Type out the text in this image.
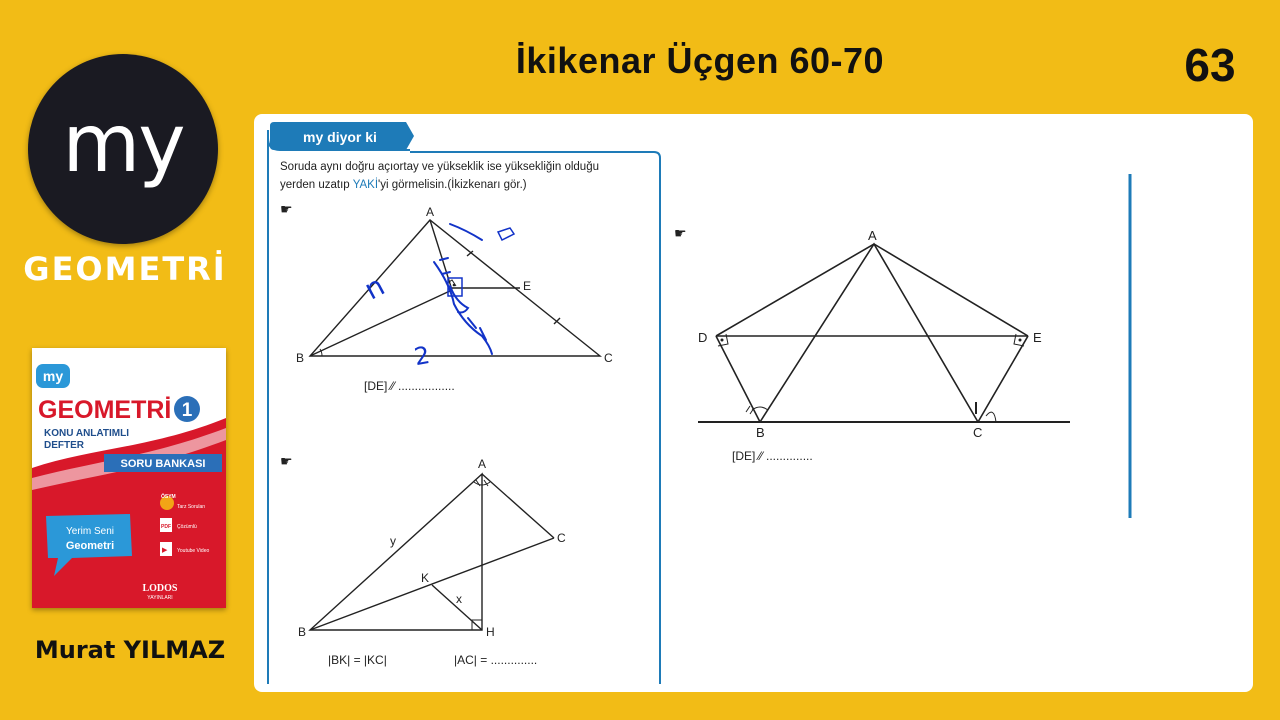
İkikenar Üçgen 60-70	63
my
GEOMETRİ
my
GEOMETRİ 1
KONU ANLATIMLI
DEFTER
SORU BANKASI
Yerim Seni
Geometri
ÖSYM
Tarz Soruları
PDF Çözümlü
▶ Youtube Video
LODOS
YAYINLARI
Murat YILMAZ
my diyor ki
Soruda aynı doğru açıortay ve yükseklik ise yüksekliğin olduğu
yerden uzatıp YAKİ'yi görmelisin.(İkizkenarı gör.)
☛
☛
☛
A
B	C
E
[DE] ⁄⁄ .................
n
2
A
B
C
K
H
x
y
|BK| = |KC|	|AC| = ..............
A
D	E
B	C
[DE] ⁄⁄ ..............
